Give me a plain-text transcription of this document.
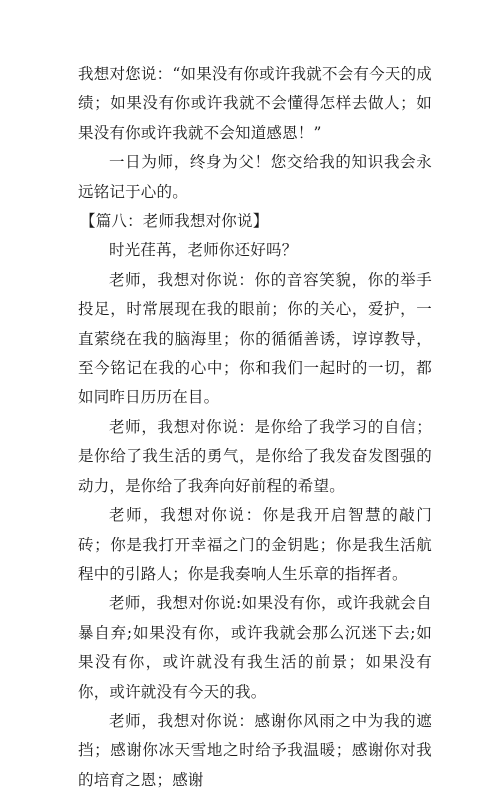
我想对您说：“如果没有你或许我就不会有今天的成绩；如果没有你或许我就不会懂得怎样去做人；如果没有你或许我就不会知道感恩！”

一日为师，终身为父！您交给我的知识我会永远铭记于心的。

【篇八：老师我想对你说】

时光荏苒，老师你还好吗？

老师，我想对你说：你的音容笑貌，你的举手投足，时常展现在我的眼前；你的关心，爱护，一直萦绕在我的脑海里；你的循循善诱，谆谆教导，至今铭记在我的心中；你和我们一起时的一切，都如同昨日历历在目。

老师，我想对你说：是你给了我学习的自信；是你给了我生活的勇气，是你给了我发奋发图强的动力，是你给了我奔向好前程的希望。

老师，我想对你说：你是我开启智慧的敲门砖；你是我打开幸福之门的金钥匙；你是我生活航程中的引路人；你是我奏响人生乐章的指挥者。

老师，我想对你说:如果没有你，或许我就会自暴自弃;如果没有你，或许我就会那么沉迷下去;如果没有你，或许就没有我生活的前景；如果没有你，或许就没有今天的我。

老师，我想对你说：感谢你风雨之中为我的遮挡；感谢你冰天雪地之时给予我温暖；感谢你对我的培育之恩；感谢
